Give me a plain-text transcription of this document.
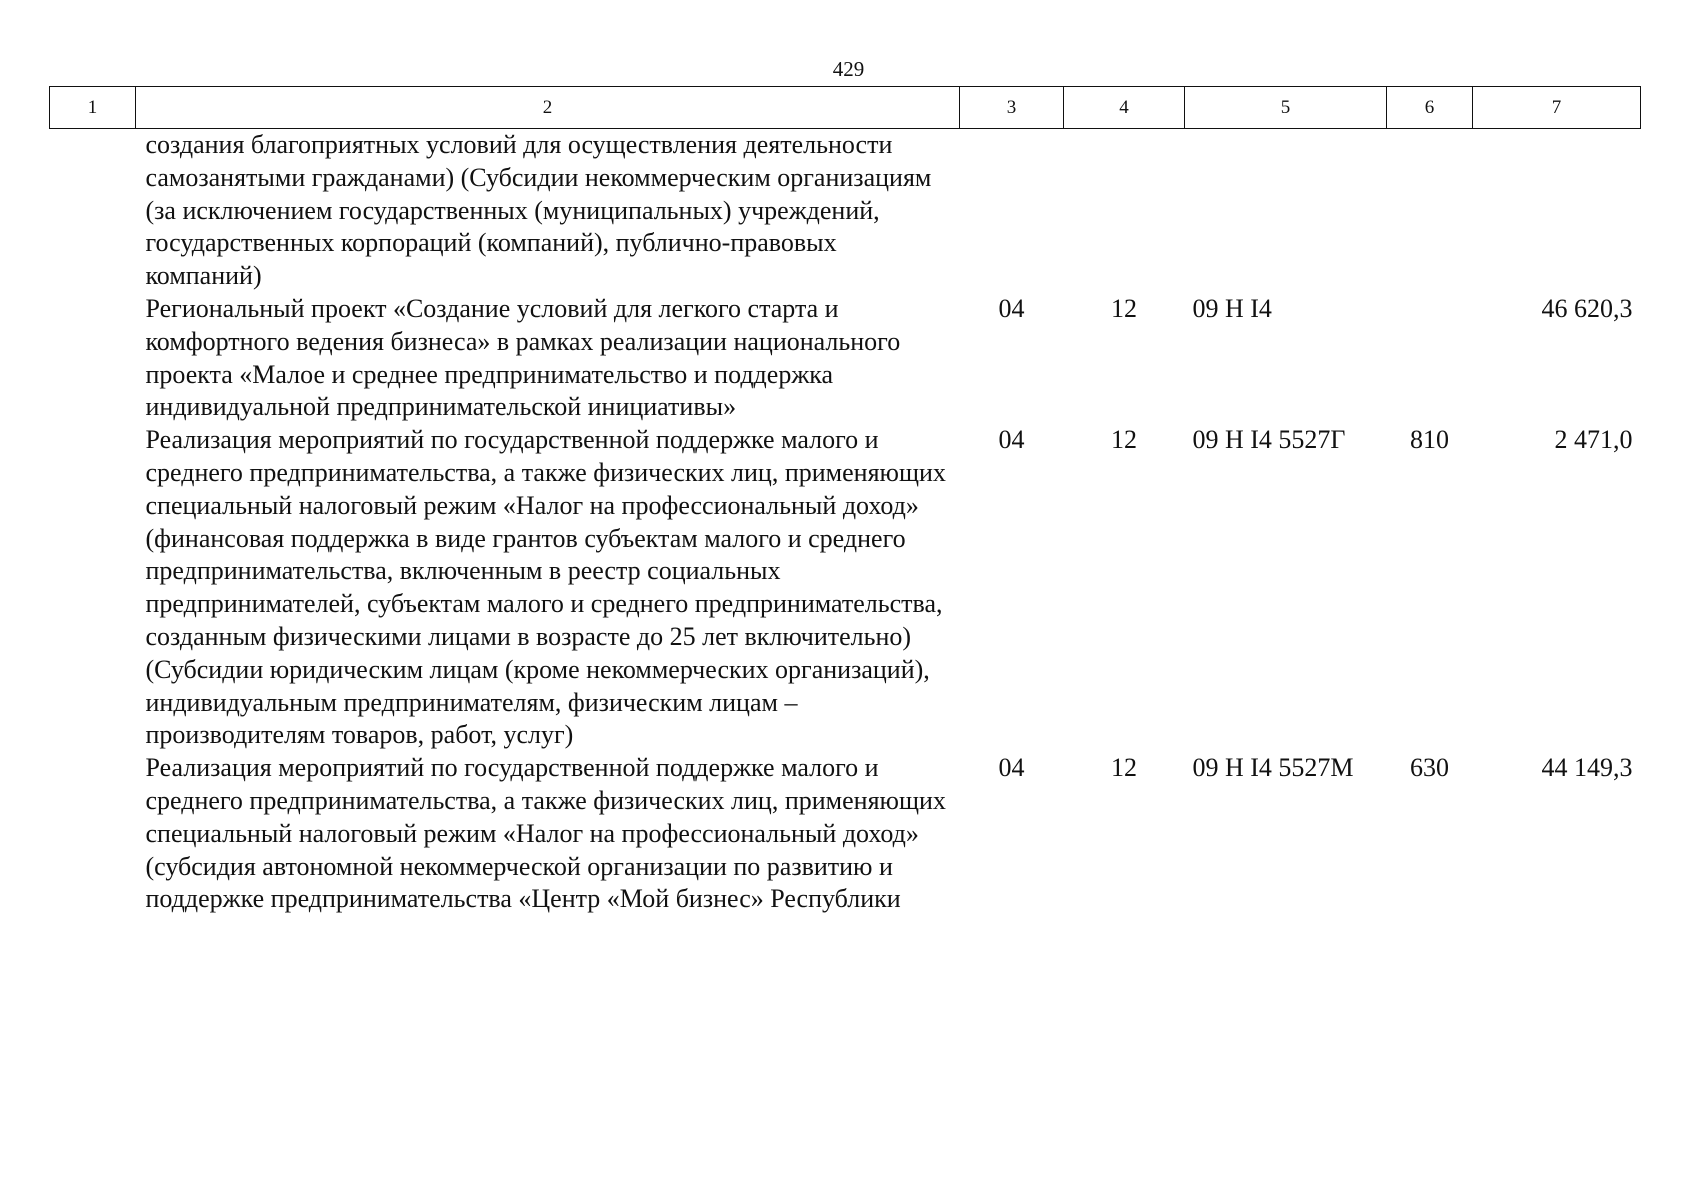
429
1	2	3	4	5	6	7
	создания благоприятных условий для осуществления деятельности самозанятыми гражданами) (Субсидии некоммерческим организациям (за исключением государственных (муниципальных) учреждений, государственных корпораций (компаний), публично-правовых компаний)					
	Региональный проект «Создание условий для легкого старта и комфортного ведения бизнеса» в рамках реализации национального проекта «Малое и среднее предпринимательство и поддержка индивидуальной предпринимательской инициативы»	04	12	09 Н I4		46 620,3
	Реализация мероприятий по государственной поддержке малого и среднего предпринимательства, а также физических лиц, применяющих специальный налоговый режим «Налог на профессиональный доход» (финансовая поддержка в виде грантов субъектам малого и среднего предпринимательства, включенным в реестр социальных предпринимателей, субъектам малого и среднего предпринимательства, созданным физическими лицами в возрасте до 25 лет включительно) (Субсидии юридическим лицам (кроме некоммерческих организаций), индивидуальным предпринимателям, физическим лицам – производителям товаров, работ, услуг)	04	12	09 Н I4 5527Г	810	2 471,0
	Реализация мероприятий по государственной поддержке малого и среднего предпринимательства, а также физических лиц, применяющих специальный налоговый режим «Налог на профессиональный доход» (субсидия автономной некоммерческой организации по развитию и поддержке предпринимательства «Центр «Мой бизнес» Республики	04	12	09 Н I4 5527М	630	44 149,3
